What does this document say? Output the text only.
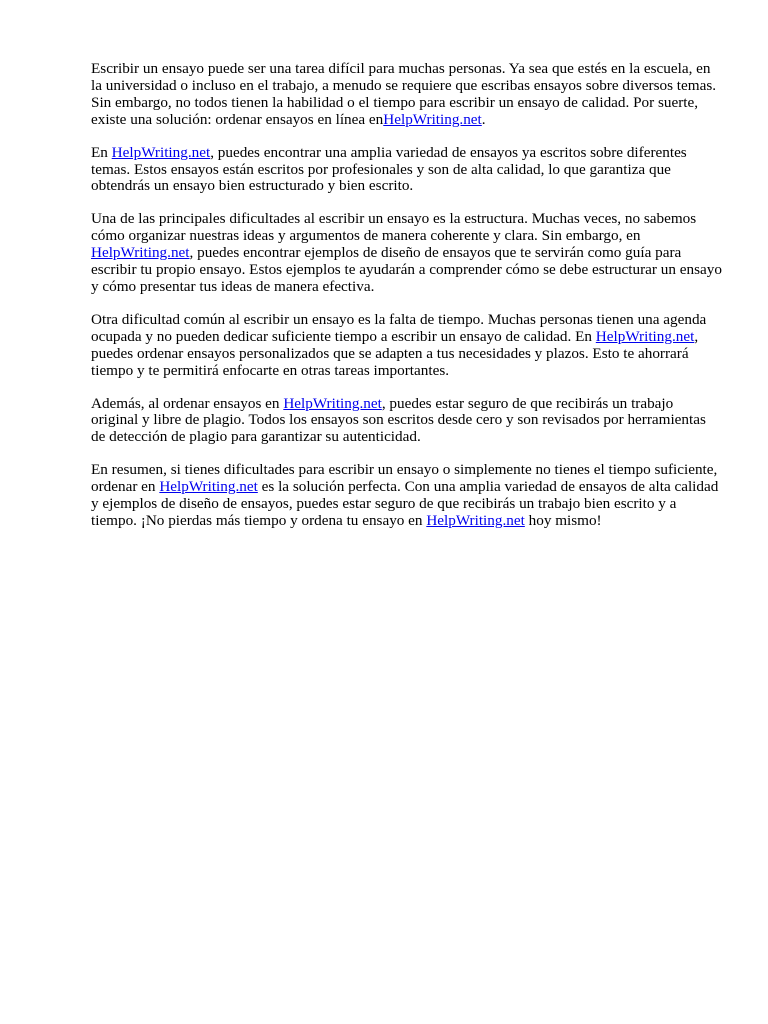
Escribir un ensayo puede ser una tarea difícil para muchas personas. Ya sea que estés en la escuela, en la universidad o incluso en el trabajo, a menudo se requiere que escribas ensayos sobre diversos temas. Sin embargo, no todos tienen la habilidad o el tiempo para escribir un ensayo de calidad. Por suerte, existe una solución: ordenar ensayos en línea enHelpWriting.net.

En HelpWriting.net, puedes encontrar una amplia variedad de ensayos ya escritos sobre diferentes temas. Estos ensayos están escritos por profesionales y son de alta calidad, lo que garantiza que obtendrás un ensayo bien estructurado y bien escrito.

Una de las principales dificultades al escribir un ensayo es la estructura. Muchas veces, no sabemos cómo organizar nuestras ideas y argumentos de manera coherente y clara. Sin embargo, en HelpWriting.net, puedes encontrar ejemplos de diseño de ensayos que te servirán como guía para escribir tu propio ensayo. Estos ejemplos te ayudarán a comprender cómo se debe estructurar un ensayo y cómo presentar tus ideas de manera efectiva.

Otra dificultad común al escribir un ensayo es la falta de tiempo. Muchas personas tienen una agenda ocupada y no pueden dedicar suficiente tiempo a escribir un ensayo de calidad. En HelpWriting.net, puedes ordenar ensayos personalizados que se adapten a tus necesidades y plazos. Esto te ahorrará tiempo y te permitirá enfocarte en otras tareas importantes.

Además, al ordenar ensayos en HelpWriting.net, puedes estar seguro de que recibirás un trabajo original y libre de plagio. Todos los ensayos son escritos desde cero y son revisados por herramientas de detección de plagio para garantizar su autenticidad.

En resumen, si tienes dificultades para escribir un ensayo o simplemente no tienes el tiempo suficiente, ordenar en HelpWriting.net es la solución perfecta. Con una amplia variedad de ensayos de alta calidad y ejemplos de diseño de ensayos, puedes estar seguro de que recibirás un trabajo bien escrito y a tiempo. ¡No pierdas más tiempo y ordena tu ensayo en HelpWriting.net hoy mismo!
